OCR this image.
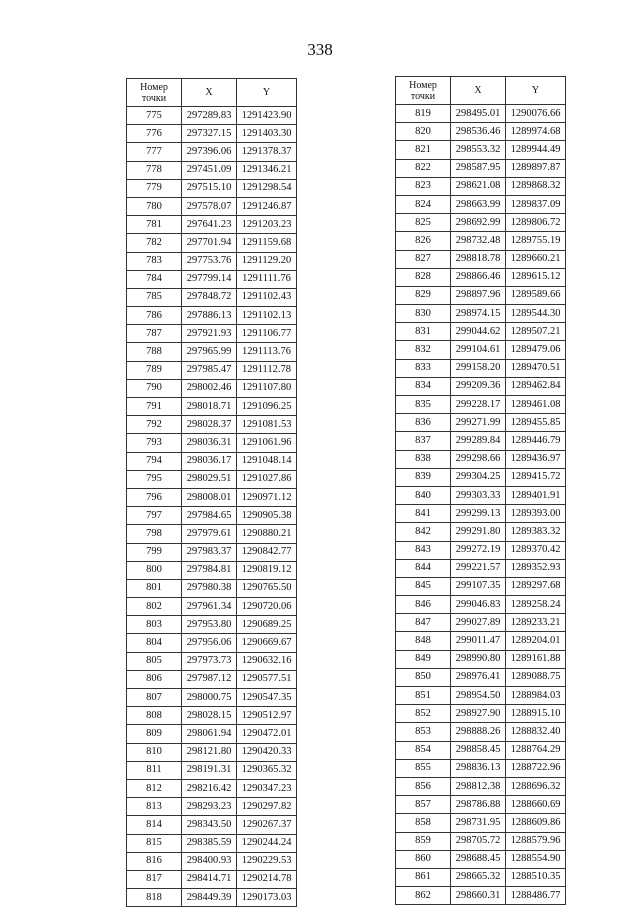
338
Номер
точки	X	Y
775	297289.83	1291423.90
776	297327.15	1291403.30
777	297396.06	1291378.37
778	297451.09	1291346.21
779	297515.10	1291298.54
780	297578.07	1291246.87
781	297641.23	1291203.23
782	297701.94	1291159.68
783	297753.76	1291129.20
784	297799.14	1291111.76
785	297848.72	1291102.43
786	297886.13	1291102.13
787	297921.93	1291106.77
788	297965.99	1291113.76
789	297985.47	1291112.78
790	298002.46	1291107.80
791	298018.71	1291096.25
792	298028.37	1291081.53
793	298036.31	1291061.96
794	298036.17	1291048.14
795	298029.51	1291027.86
796	298008.01	1290971.12
797	297984.65	1290905.38
798	297979.61	1290880.21
799	297983.37	1290842.77
800	297984.81	1290819.12
801	297980.38	1290765.50
802	297961.34	1290720.06
803	297953.80	1290689.25
804	297956.06	1290669.67
805	297973.73	1290632.16
806	297987.12	1290577.51
807	298000.75	1290547.35
808	298028.15	1290512.97
809	298061.94	1290472.01
810	298121.80	1290420.33
811	298191.31	1290365.32
812	298216.42	1290347.23
813	298293.23	1290297.82
814	298343.50	1290267.37
815	298385.59	1290244.24
816	298400.93	1290229.53
817	298414.71	1290214.78
818	298449.39	1290173.03
Номер
точки	X	Y
819	298495.01	1290076.66
820	298536.46	1289974.68
821	298553.32	1289944.49
822	298587.95	1289897.87
823	298621.08	1289868.32
824	298663.99	1289837.09
825	298692.99	1289806.72
826	298732.48	1289755.19
827	298818.78	1289660.21
828	298866.46	1289615.12
829	298897.96	1289589.66
830	298974.15	1289544.30
831	299044.62	1289507.21
832	299104.61	1289479.06
833	299158.20	1289470.51
834	299209.36	1289462.84
835	299228.17	1289461.08
836	299271.99	1289455.85
837	299289.84	1289446.79
838	299298.66	1289436.97
839	299304.25	1289415.72
840	299303.33	1289401.91
841	299299.13	1289393.00
842	299291.80	1289383.32
843	299272.19	1289370.42
844	299221.57	1289352.93
845	299107.35	1289297.68
846	299046.83	1289258.24
847	299027.89	1289233.21
848	299011.47	1289204.01
849	298990.80	1289161.88
850	298976.41	1289088.75
851	298954.50	1288984.03
852	298927.90	1288915.10
853	298888.26	1288832.40
854	298858.45	1288764.29
855	298836.13	1288722.96
856	298812.38	1288696.32
857	298786.88	1288660.69
858	298731.95	1288609.86
859	298705.72	1288579.96
860	298688.45	1288554.90
861	298665.32	1288510.35
862	298660.31	1288486.77
